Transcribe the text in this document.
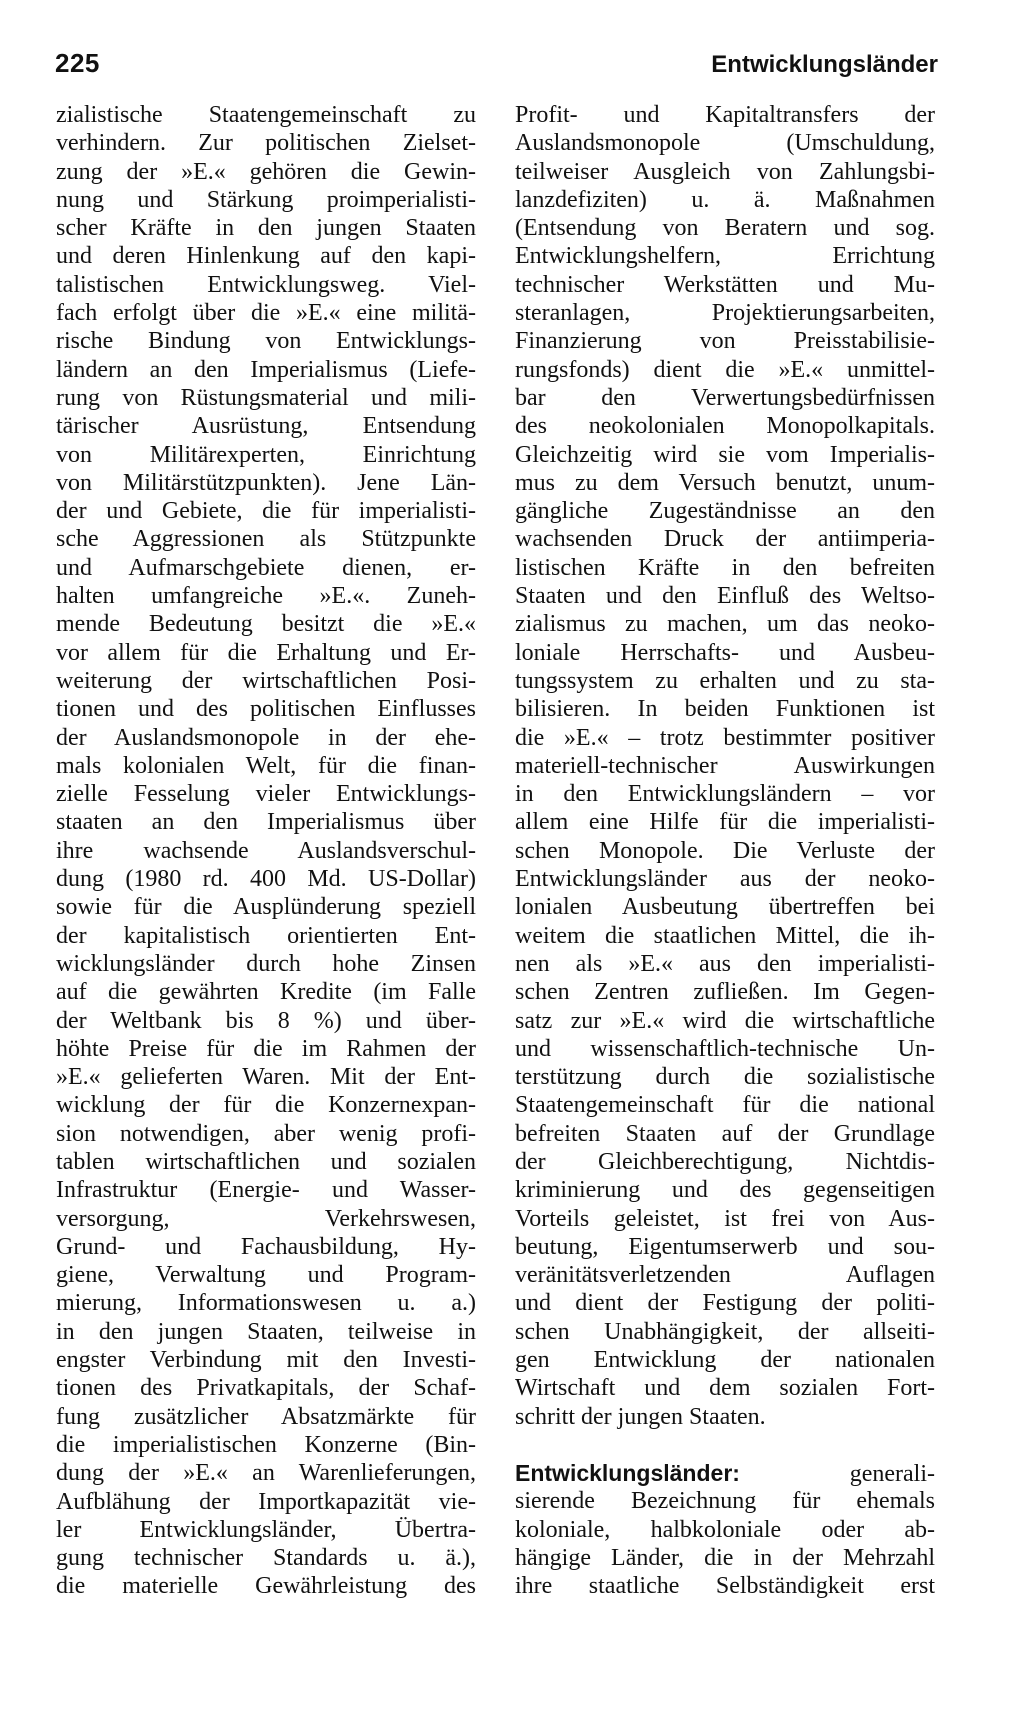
225	Entwicklungsländer
zialistische Staatengemeinschaft zu
verhindern. Zur politischen Zielset-
zung der »E.« gehören die Gewin-
nung und Stärkung proimperialisti-
scher Kräfte in den jungen Staaten
und deren Hinlenkung auf den kapi-
talistischen Entwicklungsweg. Viel-
fach erfolgt über die »E.« eine militä-
rische Bindung von Entwicklungs-
ländern an den Imperialismus (Liefe-
rung von Rüstungsmaterial und mili-
tärischer Ausrüstung, Entsendung
von Militärexperten, Einrichtung
von Militärstützpunkten). Jene Län-
der und Gebiete, die für imperialisti-
sche Aggressionen als Stützpunkte
und Aufmarschgebiete dienen, er-
halten umfangreiche »E.«. Zuneh-
mende Bedeutung besitzt die »E.«
vor allem für die Erhaltung und Er-
weiterung der wirtschaftlichen Posi-
tionen und des politischen Einflusses
der Auslandsmonopole in der ehe-
mals kolonialen Welt, für die finan-
zielle Fesselung vieler Entwicklungs-
staaten an den Imperialismus über
ihre wachsende Auslandsverschul-
dung (1980 rd. 400 Md. US-Dollar)
sowie für die Ausplünderung speziell
der kapitalistisch orientierten Ent-
wicklungsländer durch hohe Zinsen
auf die gewährten Kredite (im Falle
der Weltbank bis 8 %) und über-
höhte Preise für die im Rahmen der
»E.« gelieferten Waren. Mit der Ent-
wicklung der für die Konzernexpan-
sion notwendigen, aber wenig profi-
tablen wirtschaftlichen und sozialen
Infrastruktur (Energie- und Wasser-
versorgung, Verkehrswesen,
Grund- und Fachausbildung, Hy-
giene, Verwaltung und Program-
mierung, Informationswesen u. a.)
in den jungen Staaten, teilweise in
engster Verbindung mit den Investi-
tionen des Privatkapitals, der Schaf-
fung zusätzlicher Absatzmärkte für
die imperialistischen Konzerne (Bin-
dung der »E.« an Warenlieferungen,
Aufblähung der Importkapazität vie-
ler Entwicklungsländer, Übertra-
gung technischer Standards u. ä.),
die materielle Gewährleistung des
Profit- und Kapitaltransfers der
Auslandsmonopole (Umschuldung,
teilweiser Ausgleich von Zahlungsbi-
lanzdefiziten) u. ä. Maßnahmen
(Entsendung von Beratern und sog.
Entwicklungshelfern, Errichtung
technischer Werkstätten und Mu-
steranlagen, Projektierungsarbeiten,
Finanzierung von Preisstabilisie-
rungsfonds) dient die »E.« unmittel-
bar den Verwertungsbedürfnissen
des neokolonialen Monopolkapitals.
Gleichzeitig wird sie vom Imperialis-
mus zu dem Versuch benutzt, unum-
gängliche Zugeständnisse an den
wachsenden Druck der antiimperia-
listischen Kräfte in den befreiten
Staaten und den Einfluß des Weltso-
zialismus zu machen, um das neoko-
loniale Herrschafts- und Ausbeu-
tungssystem zu erhalten und zu sta-
bilisieren. In beiden Funktionen ist
die »E.« – trotz bestimmter positiver
materiell-technischer Auswirkungen
in den Entwicklungsländern – vor
allem eine Hilfe für die imperialisti-
schen Monopole. Die Verluste der
Entwicklungsländer aus der neoko-
lonialen Ausbeutung übertreffen bei
weitem die staatlichen Mittel, die ih-
nen als »E.« aus den imperialisti-
schen Zentren zufließen. Im Gegen-
satz zur »E.« wird die wirtschaftliche
und wissenschaftlich-technische Un-
terstützung durch die sozialistische
Staatengemeinschaft für die national
befreiten Staaten auf der Grundlage
der Gleichberechtigung, Nichtdis-
kriminierung und des gegenseitigen
Vorteils geleistet, ist frei von Aus-
beutung, Eigentumserwerb und sou-
veränitätsverletzenden Auflagen
und dient der Festigung der politi-
schen Unabhängigkeit, der allseiti-
gen Entwicklung der nationalen
Wirtschaft und dem sozialen Fort-
schritt der jungen Staaten.
Entwicklungsländer:	generali-
sierende Bezeichnung für ehemals
koloniale, halbkoloniale oder ab-
hängige Länder, die in der Mehrzahl
ihre staatliche Selbständigkeit erst
